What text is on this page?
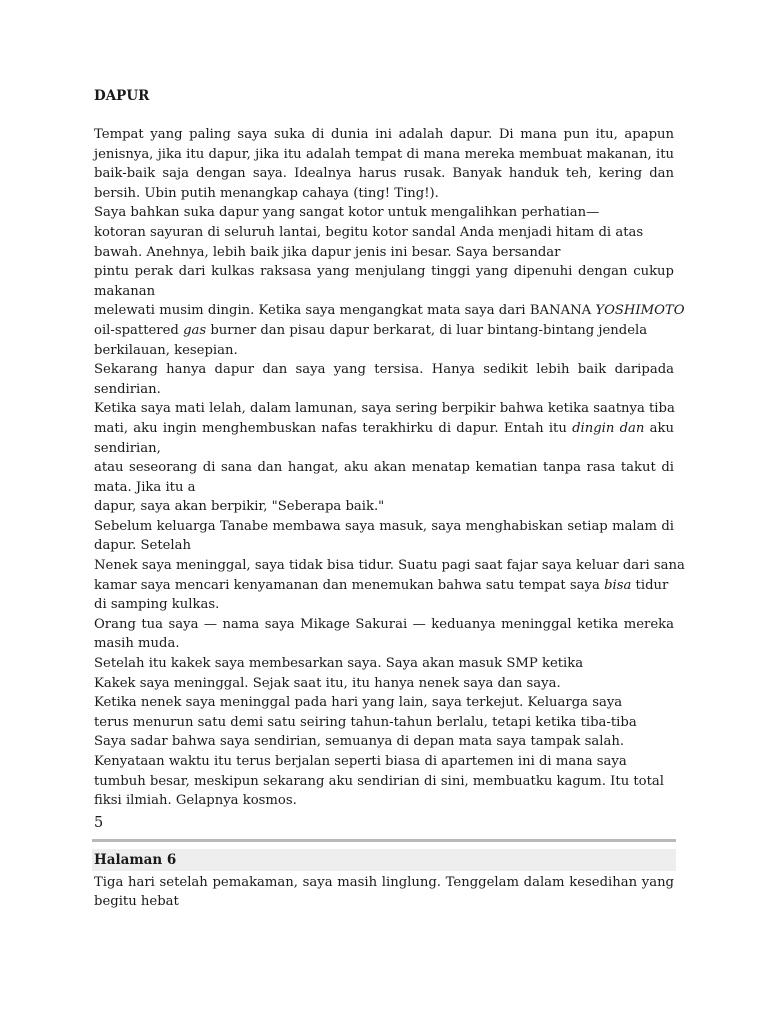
DAPUR

Tempat yang paling saya suka di dunia ini adalah dapur. Di mana pun itu, apapun
jenisnya, jika itu dapur, jika itu adalah tempat di mana mereka membuat makanan, itu
baik-baik saja dengan saya. Idealnya harus rusak. Banyak handuk teh, kering dan
bersih. Ubin putih menangkap cahaya (ting! Ting!).

Saya bahkan suka dapur yang sangat kotor untuk mengalihkan perhatian—

kotoran sayuran di seluruh lantai, begitu kotor sandal Anda menjadi hitam di atas
bawah. Anehnya, lebih baik jika dapur jenis ini besar. Saya bersandar

pintu perak dari kulkas raksasa yang menjulang tinggi yang dipenuhi dengan cukup
makanan

melewati musim dingin. Ketika saya mengangkat mata saya dari BANANA YOSHIMOTO
oil-spattered gas burner dan pisau dapur berkarat, di luar bintang-bintang jendela
berkilauan, kesepian.

Sekarang hanya dapur dan saya yang tersisa. Hanya sedikit lebih baik daripada
sendirian.

Ketika saya mati lelah, dalam lamunan, saya sering berpikir bahwa ketika saatnya tiba
mati, aku ingin menghembuskan nafas terakhirku di dapur. Entah itu dingin dan aku
sendirian,

atau seseorang di sana dan hangat, aku akan menatap kematian tanpa rasa takut di
mata. Jika itu a

dapur, saya akan berpikir, "Seberapa baik."

Sebelum keluarga Tanabe membawa saya masuk, saya menghabiskan setiap malam di
dapur. Setelah

Nenek saya meninggal, saya tidak bisa tidur. Suatu pagi saat fajar saya keluar dari sana
kamar saya mencari kenyamanan dan menemukan bahwa satu tempat saya bisa tidur
di samping kulkas.

Orang tua saya — nama saya Mikage Sakurai — keduanya meninggal ketika mereka
masih muda.

Setelah itu kakek saya membesarkan saya. Saya akan masuk SMP ketika
Kakek saya meninggal. Sejak saat itu, itu hanya nenek saya dan saya.
Ketika nenek saya meninggal pada hari yang lain, saya terkejut. Keluarga saya
terus menurun satu demi satu seiring tahun-tahun berlalu, tetapi ketika tiba-tiba
Saya sadar bahwa saya sendirian, semuanya di depan mata saya tampak salah.
Kenyataan waktu itu terus berjalan seperti biasa di apartemen ini di mana saya
tumbuh besar, meskipun sekarang aku sendirian di sini, membuatku kagum. Itu total
fiksi ilmiah. Gelapnya kosmos.

5
Halaman 6

Tiga hari setelah pemakaman, saya masih linglung. Tenggelam dalam kesedihan yang
begitu hebat
